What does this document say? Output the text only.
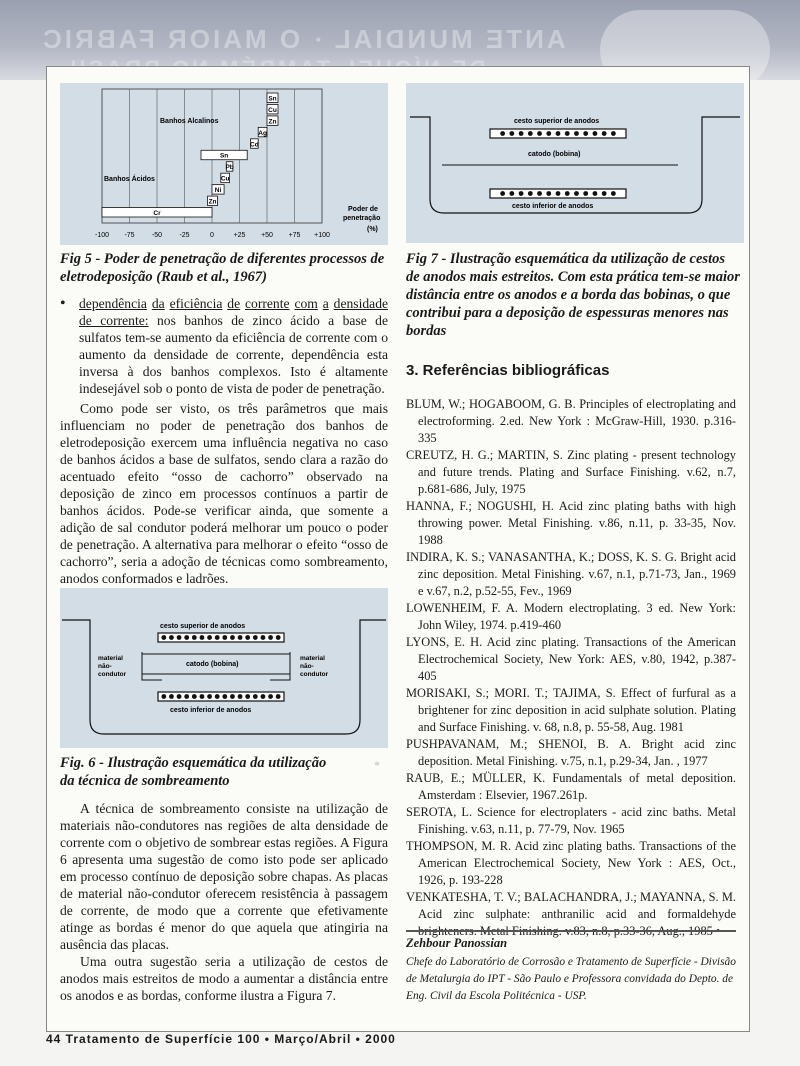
ANTE MUNDIAL · O MAIOR FABRIC
Sn
Cu
Zn
Ag
Cd
Sn
Pb
Cu
Ni
Zn
Cr
-100 -75 -50 -25	0	+25 +50 +75 +100
Banhos Alcalinos
Banhos Ácidos
Poder de
penetração
(%)
Fig 5 - Poder de penetração de diferentes processos de eletrodeposição (Raub et al., 1967)
• dependência da eficiência de corrente com a densidade de corrente: nos banhos de zinco ácido a base de sulfatos tem-se aumento da eficiência de corrente com o aumento da densidade de corrente, dependência esta inversa à dos banhos complexos. Isto é altamente indesejável sob o ponto de vista de poder de penetração.

Como pode ser visto, os três parâmetros que mais influenciam no poder de penetração dos banhos de eletrodeposição exercem uma influência negativa no caso de banhos ácidos a base de sulfatos, sendo clara a razão do acentuado efeito “osso de cachorro” observado na deposição de zinco em processos contínuos a partir de banhos ácidos. Pode-se verificar ainda, que somente a adição de sal condutor poderá melhorar um pouco o poder de penetração. A alternativa para melhorar o efeito “osso de cachorro”, seria a adoção de técnicas como sombreamento, anodos conformados e ladrões.

cesto superior de anodos
catodo (bobina)
material
não-
condutor
material
não-
condutor
cesto inferior de anodos
Fig. 6 - Ilustração esquemática da utilização
da técnica de sombreamento
*

A técnica de sombreamento consiste na utilização de materiais não-condutores nas regiões de alta densidade de corrente com o objetivo de sombrear estas regiões. A Figura 6 apresenta uma sugestão de como isto pode ser aplicado em processo contínuo de deposição sobre chapas. As placas de material não-condutor oferecem resistência à passagem de corrente, de modo que a corrente que efetivamente atinge as bordas é menor do que aquela que atingiria na ausência das placas.

Uma outra sugestão seria a utilização de cestos de anodos mais estreitos de modo a aumentar a distância entre os anodos e as bordas, conforme ilustra a Figura 7.

cesto superior de anodos
catodo (bobina)
cesto inferior de anodos
Fig 7 - Ilustração esquemática da utilização de cestos de anodos mais estreitos. Com esta prática tem-se maior distância entre os anodos e a borda das bobinas, o que contribui para a deposição de espessuras menores nas bordas
3. Referências bibliográficas

BLUM, W.; HOGABOOM, G. B. Principles of electroplating and electroforming. 2.ed. New York : McGraw-Hill, 1930. p.316-335

CREUTZ, H. G.; MARTIN, S. Zinc plating - present technology and future trends. Plating and Surface Finishing. v.62, n.7, p.681-686, July, 1975

HANNA, F.; NOGUSHI, H. Acid zinc plating baths with high throwing power. Metal Finishing. v.86, n.11, p. 33-35, Nov. 1988

INDIRA, K. S.; VANASANTHA, K.; DOSS, K. S. G. Bright acid zinc deposition. Metal Finishing. v.67, n.1, p.71-73, Jan., 1969 e v.67, n.2, p.52-55, Fev., 1969

LOWENHEIM, F. A. Modern electroplating. 3 ed. New York: John Wiley, 1974. p.419-460

LYONS, E. H. Acid zinc plating. Transactions of the American Electrochemical Society, New York: AES, v.80, 1942, p.387-405

MORISAKI, S.; MORI. T.; TAJIMA, S. Effect of furfural as a brightener for zinc deposition in acid sulphate solution. Plating and Surface Finishing. v. 68, n.8, p. 55-58, Aug. 1981

PUSHPAVANAM, M.; SHENOI, B. A. Bright acid zinc deposition. Metal Finishing. v.75, n.1, p.29-34, Jan. , 1977

RAUB, E.; MÜLLER, K. Fundamentals of metal deposition. Amsterdam : Elsevier, 1967.261p.

SEROTA, L. Science for electroplaters - acid zinc baths. Metal Finishing. v.63, n.11, p. 77-79, Nov. 1965

THOMPSON, M. R. Acid zinc plating baths. Transactions of the American Electrochemical Society, New York : AES, Oct., 1926, p. 193-228

VENKATESHA, T. V.; BALACHANDRA, J.; MAYANNA, S. M. Acid zinc sulphate: anthranilic acid and formaldehyde

Zehbour Panossian
Chefe do Laboratório de Corrosão e Tratamento de Superfície - Divisão de Metalurgia do IPT - São Paulo e Professora convidada do Depto. de Eng. Civil da Escola Politécnica - USP.
44 Tratamento de Superfície 100 • Março/Abril • 2000
